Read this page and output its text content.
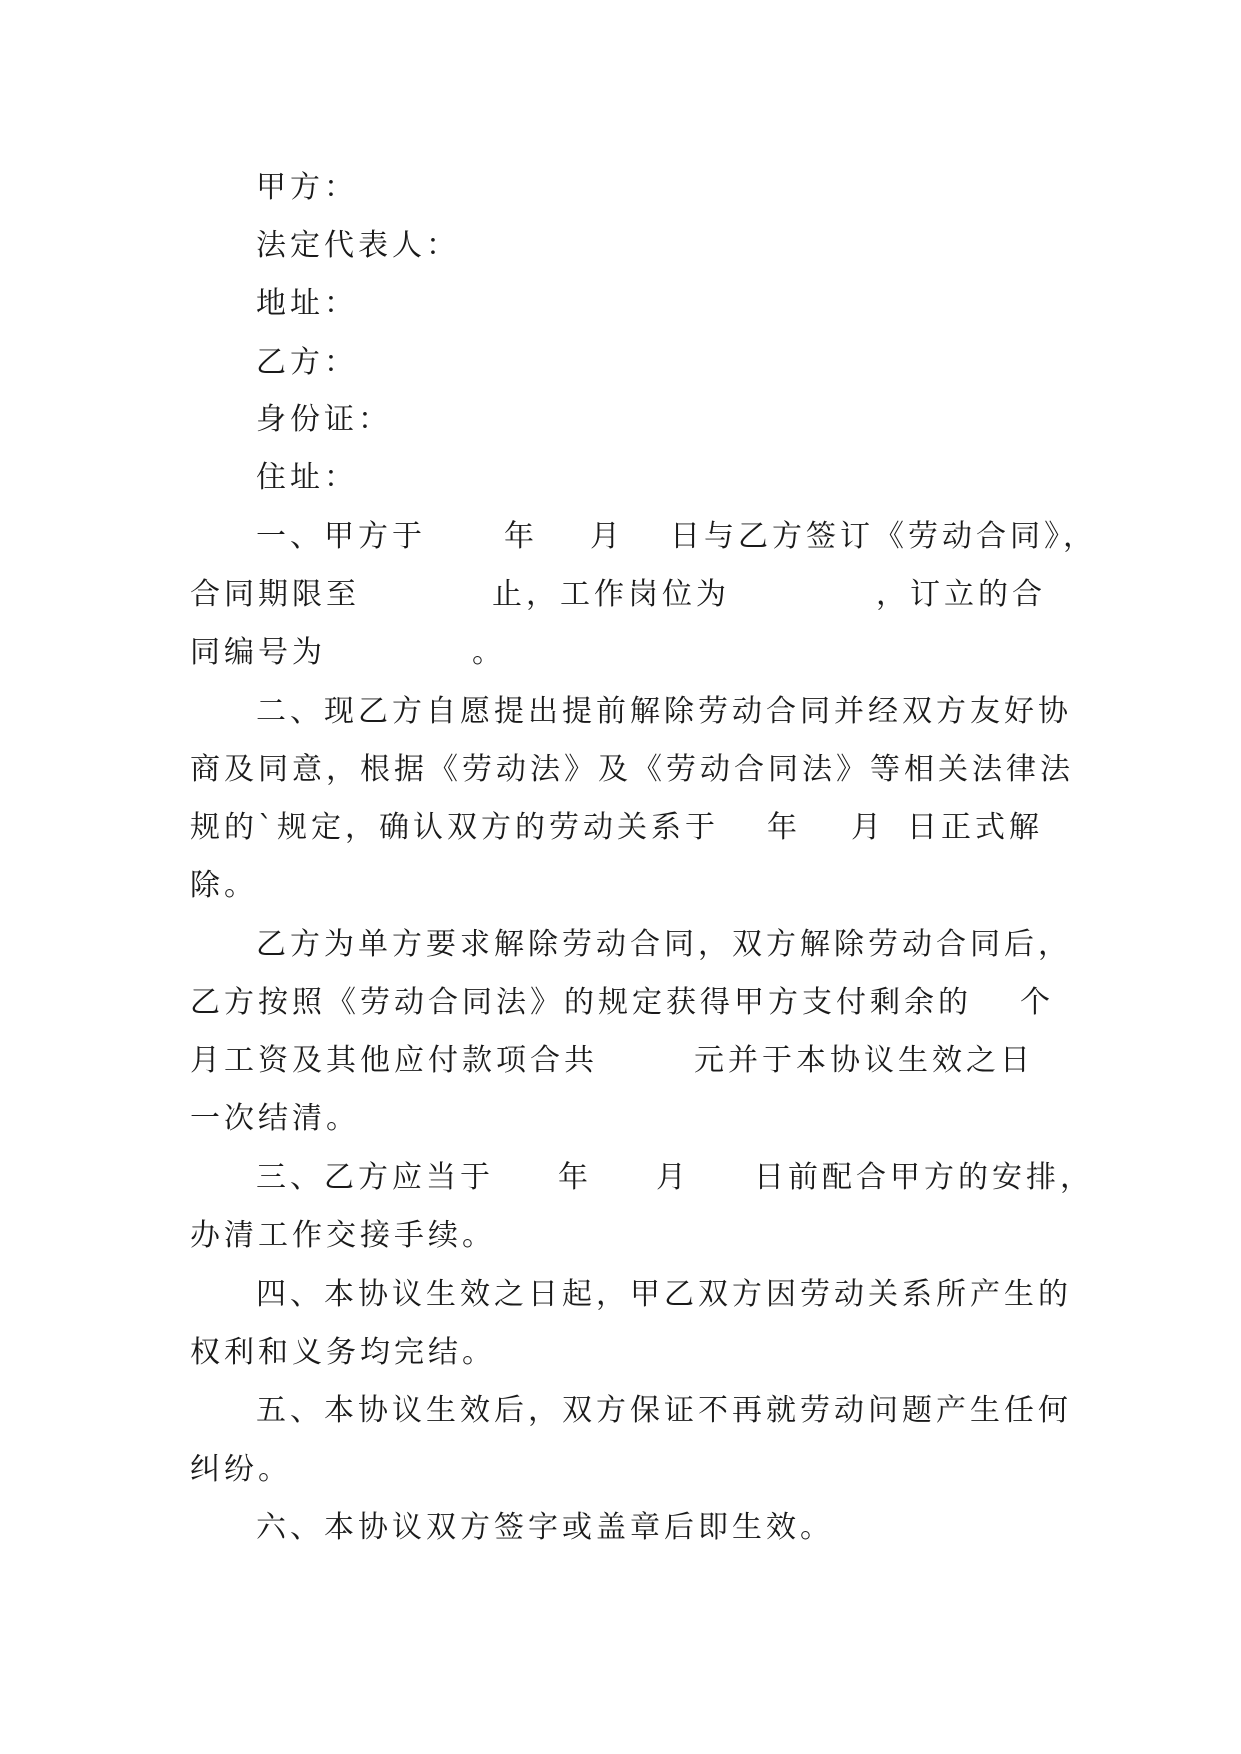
甲方：

法定代表人：

地址：

乙方：

身份证：

住址：

一、甲方于	年 月 日与乙方签订《劳动合同》，

合同期限至	止，工作岗位为	，订立的合

同编号为	。

二、现乙方自愿提出提前解除劳动合同并经双方友好协

商及同意，根据《劳动法》及《劳动合同法》等相关法律法

规的`规定，确认双方的劳动关系于 年 月 日正式解

除。

乙方为单方要求解除劳动合同，双方解除劳动合同后，

乙方按照《劳动合同法》的规定获得甲方支付剩余的 个

月工资及其他应付款项合共	元并于本协议生效之日

一次结清。

三、乙方应当于 年 月 日前配合甲方的安排，

办清工作交接手续。

四、本协议生效之日起，甲乙双方因劳动关系所产生的

权利和义务均完结。

五、本协议生效后，双方保证不再就劳动问题产生任何

纠纷。

六、本协议双方签字或盖章后即生效。
